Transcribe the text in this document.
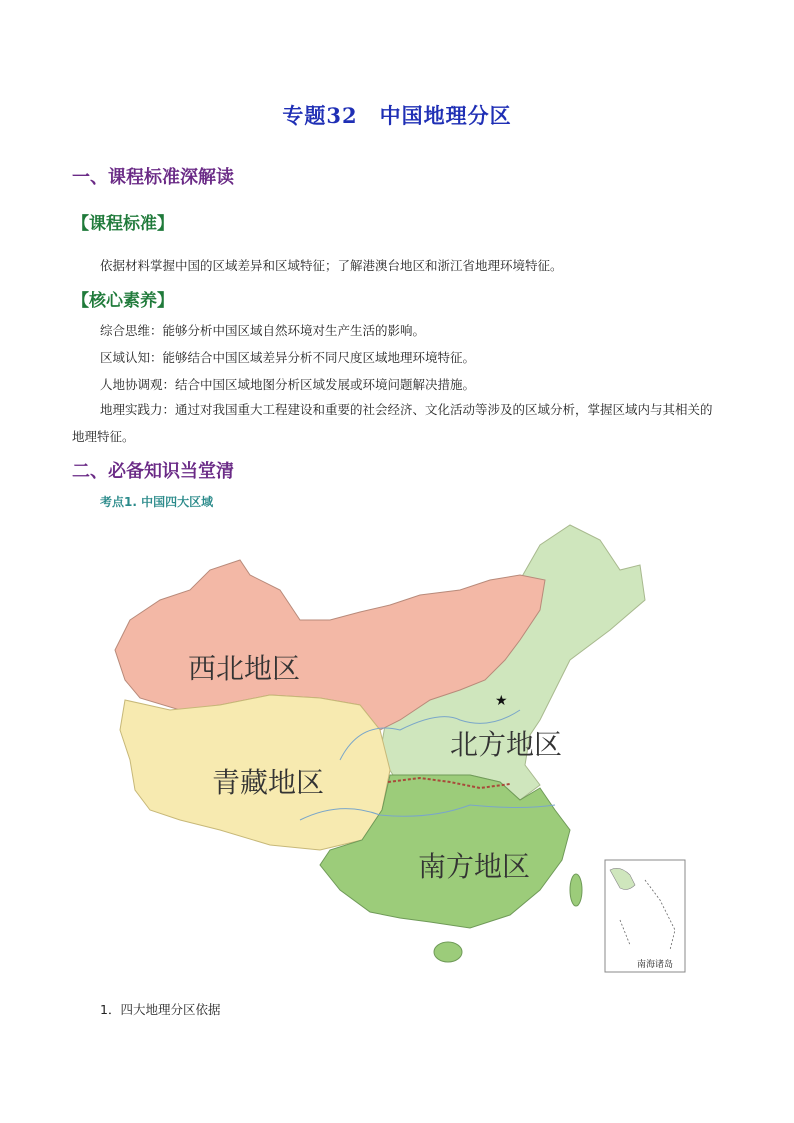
专题32　中国地理分区
一、课程标准深解读
【课程标准】
依据材料掌握中国的区域差异和区域特征；了解港澳台地区和浙江省地理环境特征。
【核心素养】
综合思维：能够分析中国区域自然环境对生产生活的影响。
区域认知：能够结合中国区域差异分析不同尺度区域地理环境特征。
人地协调观：结合中国区域地图分析区域发展或环境问题解决措施。
地理实践力：通过对我国重大工程建设和重要的社会经济、文化活动等涉及的区域分析，掌握区域内与其相关的地理特征。
二、必备知识当堂清
考点1. 中国四大区域
★
西北地区
青藏地区
北方地区
南方地区
南海诸岛
1．四大地理分区依据
